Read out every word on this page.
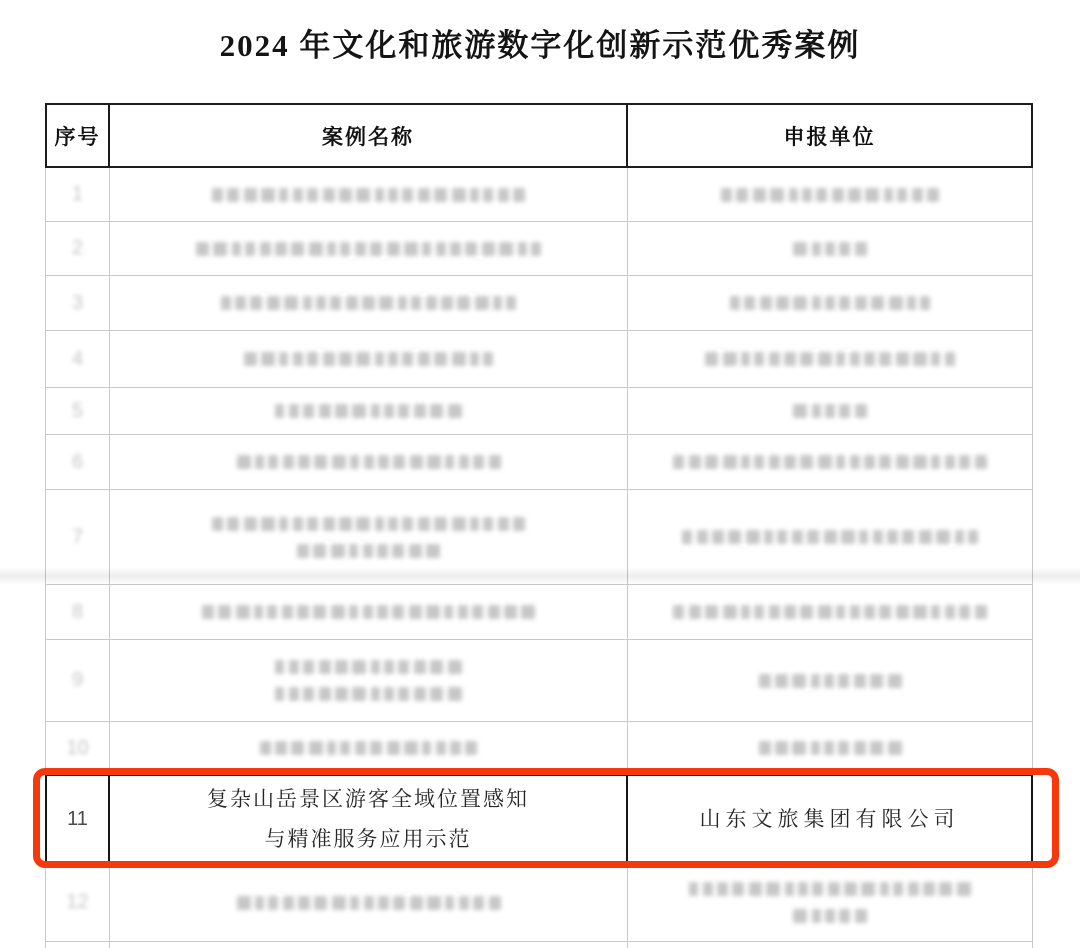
2024 年文化和旅游数字化创新示范优秀案例
序号	案例名称	申报单位
1
2
3
4
5
6
7
8
9
10
11
复杂山岳景区游客全域位置感知
与精准服务应用示范
山东文旅集团有限公司
12
